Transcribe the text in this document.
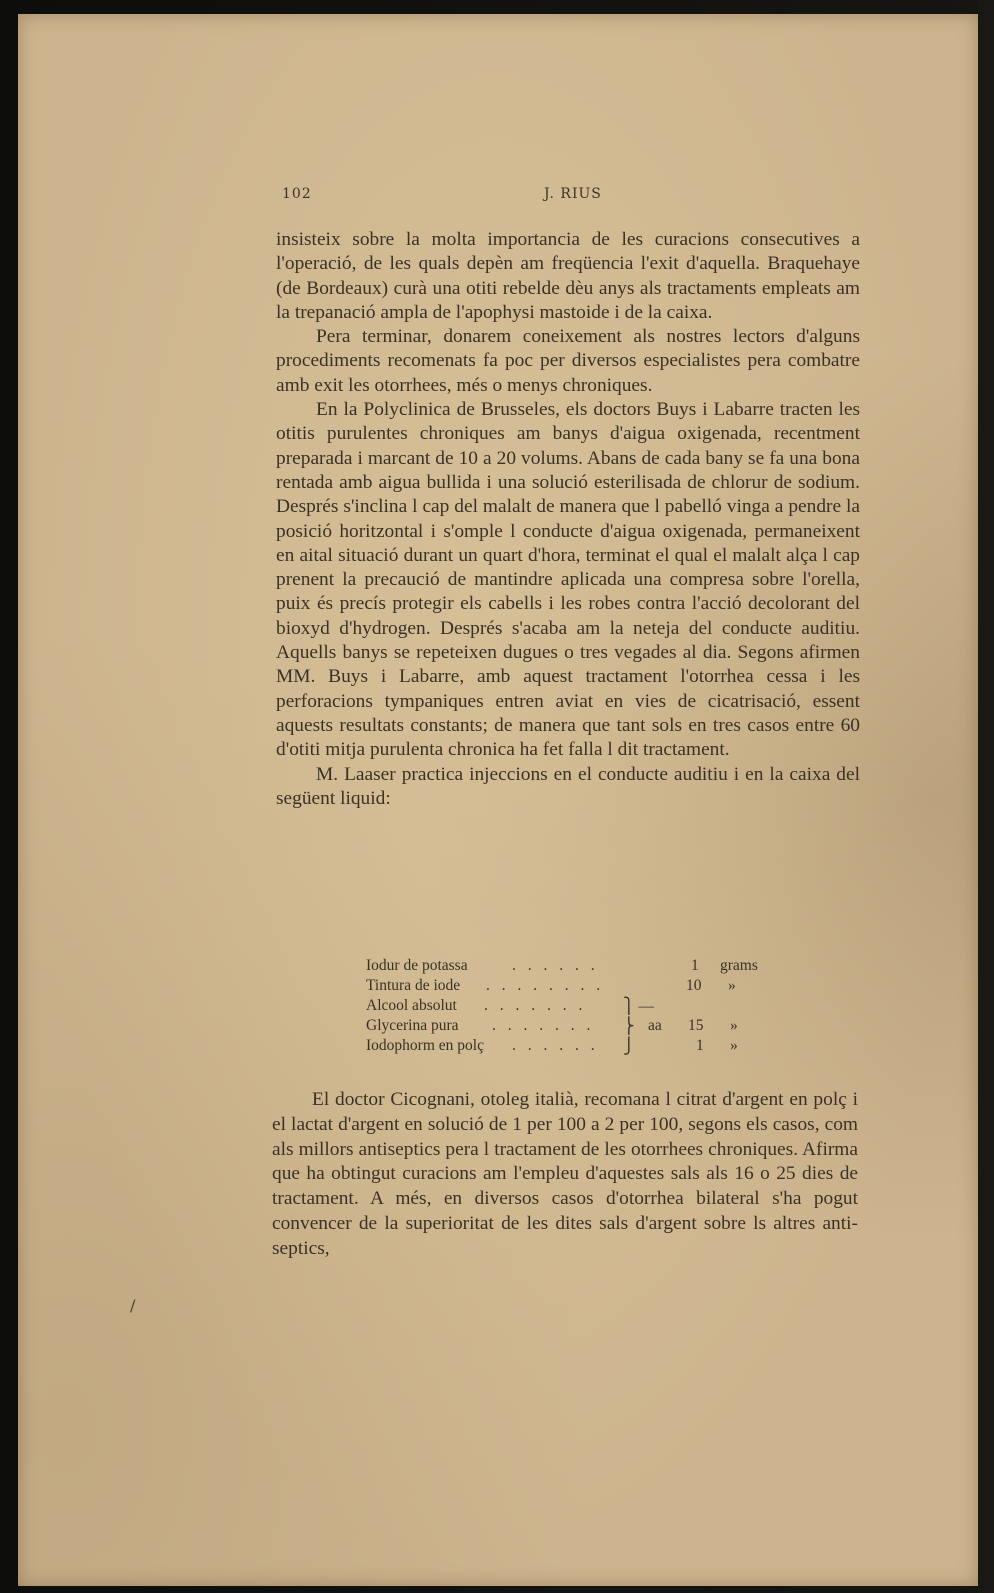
102	J. RIUS

insisteix sobre la molta importancia de les curacions consecutives a l'operació, de les quals depèn am freqüencia l'exit d'aquella. Braquehaye (de Bordeaux) curà una otiti rebelde dèu anys als tractaments empleats am la trepanació ampla de l'apophysi mastoide i de la caixa.

Pera terminar, donarem coneixement als nostres lectors d'alguns procediments recomenats fa poc per diversos especialistes pera combatre amb exit les otorrhees, més o menys chroniques.

En la Polyclinica de Brusseles, els doctors Buys i Labarre tracten les otitis purulentes chroniques am banys d'aigua oxigenada, recentment preparada i marcant de 10 a 20 volums. Abans de cada bany se fa una bona rentada amb aigua bullida i una solució esterilisada de chlorur de sodium. Després s'inclina l cap del malalt de manera que l pabelló vinga a pendre la posició horitzontal i s'omple l conducte d'aigua oxigenada, permaneixent en aital situació durant un quart d'hora, terminat el qual el malalt alça l cap prenent la precaució de mantindre aplicada una compresa sobre l'orella, puix és precís protegir els cabells i les robes contra l'acció decolorant del bioxyd d'hydrogen. Després s'acaba am la neteja del conducte auditiu. Aquells banys se repeteixen dugues o tres vegades al dia. Segons afirmen MM. Buys i Labarre, amb aquest tractament l'otorrhea cessa i les perforacions tympaniques entren aviat en vies de cicatrisació, essent aquests resultats constants; de manera que tant sols en tres casos entre 60 d'otiti mitja purulenta chronica ha fet falla l dit tractament.

M. Laaser practica injeccions en el conducte auditiu i en la caixa del següent liquid:

Iodur de potassa	. . . . . .	1 grams
Tintura de iode . . . . . . . .	10 »
Alcool absolut . . . . . . . ⎫ —
Glycerina pura . . . . . . . ⎬ aa 15 »
Iodophorm en polç . . . . . . ⎭	1 »

El doctor Cicognani, otoleg italià, recomana l citrat d'argent en polç i el lactat d'argent en solució de 1 per 100 a 2 per 100, segons els casos, com als millors antiseptics pera l tractament de les otorrhees chroniques. Afirma que ha obtingut curacions am l'empleu d'aquestes sals als 16 o 25 dies de tractament. A més, en diversos casos d'otorrhea bilateral s'ha pogut convencer de la superioritat de les dites sals d'argent sobre ls altres anti-septics,

/
